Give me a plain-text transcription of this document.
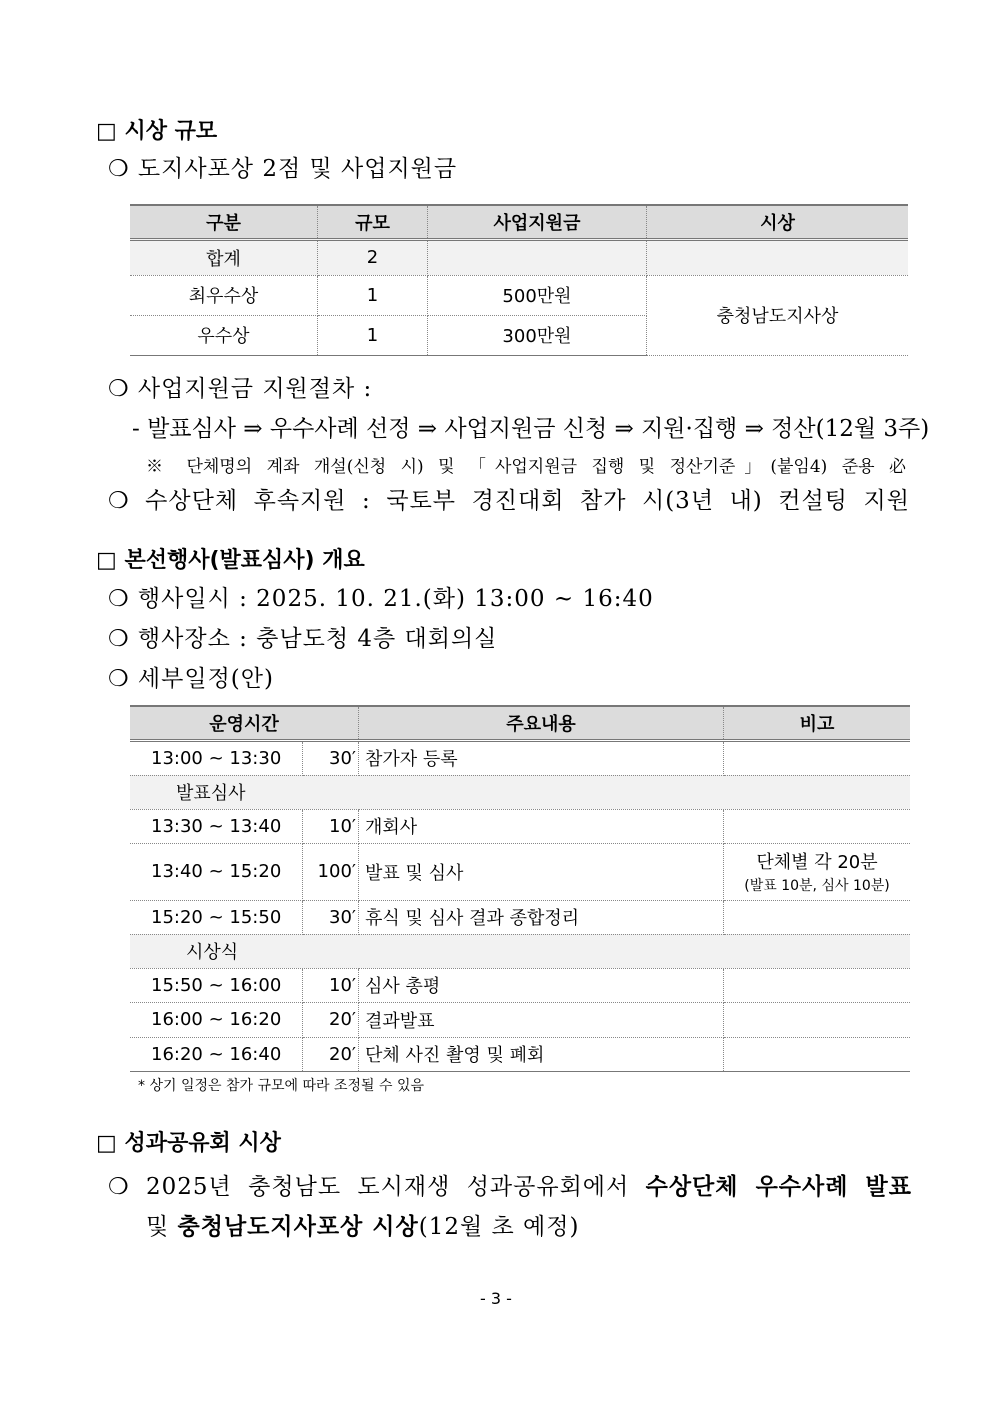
□ 시상 규모
❍ 도지사포상 2점 및 사업지원금
구분	규모	사업지원금	시상
합계	2		
최우수상	1	500만원	충청남도지사상
우수상	1	300만원	
❍ 사업지원금 지원절차 :
- 발표심사 ⇒ 우수사례 선정 ⇒ 사업지원금 신청 ⇒ 지원·집행 ⇒ 정산(12월 3주)
※ 단체명의 계좌 개설(신청 시) 및 「사업지원금 집행 및 정산기준」(붙임4) 준용 必
❍ 수상단체 후속지원 : 국토부 경진대회 참가 시(3년 내) 컨설팅 지원
□ 본선행사(발표심사) 개요
❍ 행사일시 : 2025. 10. 21.(화) 13:00 ~ 16:40
❍ 행사장소 : 충남도청 4층 대회의실
❍ 세부일정(안)
운영시간		주요내용	비고
13:00 ~ 13:30	30′	참가자 등록	
발표심사			
13:30 ~ 13:40	10′	개회사	
13:40 ~ 15:20	100′	발표 및 심사	단체별 각 20분
(발표 10분, 심사 10분)
15:20 ~ 15:50	30′	휴식 및 심사 결과 종합정리	
시상식			
15:50 ~ 16:00	10′	심사 총평	
16:00 ~ 16:20	20′	결과발표	
16:20 ~ 16:40	20′	단체 사진 촬영 및 폐회	
* 상기 일정은 참가 규모에 따라 조정될 수 있음
□ 성과공유회 시상
❍ 2025년 충청남도 도시재생 성과공유회에서 수상단체 우수사례 발표
및 충청남도지사포상 시상(12월 초 예정)
- 3 -
